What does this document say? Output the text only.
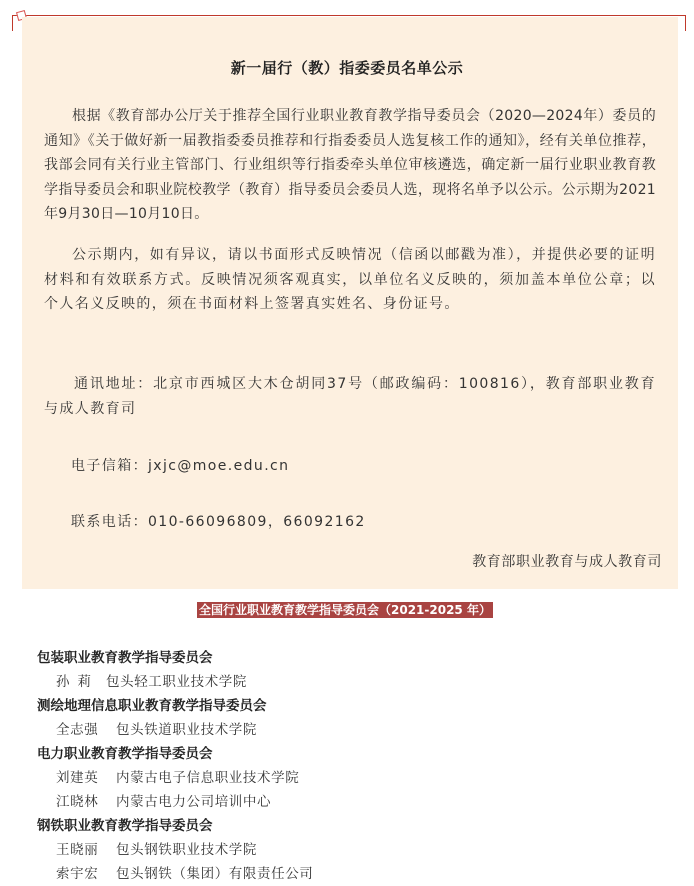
新一届行（教）指委委员名单公示

根据《教育部办公厅关于推荐全国行业职业教育教学指导委员会（2020—2024年）委员的通知》《关于做好新一届教指委委员推荐和行指委委员人选复核工作的通知》，经有关单位推荐，我部会同有关行业主管部门、行业组织等行指委牵头单位审核遴选，确定新一届行业职业教育教学指导委员会和职业院校教学（教育）指导委员会委员人选，现将名单予以公示。公示期为2021年9月30日—10月10日。

公示期内，如有异议，请以书面形式反映情况（信函以邮戳为准），并提供必要的证明材料和有效联系方式。反映情况须客观真实，以单位名义反映的，须加盖本单位公章；以个人名义反映的，须在书面材料上签署真实姓名、身份证号。

通讯地址：北京市西城区大木仓胡同37号（邮政编码：100816），教育部职业教育与成人教育司

电子信箱：jxjc@moe.edu.cn
联系电话：010-66096809，66092162
教育部职业教育与成人教育司
全国行业职业教育教学指导委员会（2021-2025 年）
包装职业教育教学指导委员会
孙莉 包头轻工职业技术学院
测绘地理信息职业教育教学指导委员会
全志强 包头铁道职业技术学院
电力职业教育教学指导委员会
刘建英 内蒙古电子信息职业技术学院
江晓林 内蒙古电力公司培训中心
钢铁职业教育教学指导委员会
王晓丽 包头钢铁职业技术学院
索宇宏 包头钢铁（集团）有限责任公司
